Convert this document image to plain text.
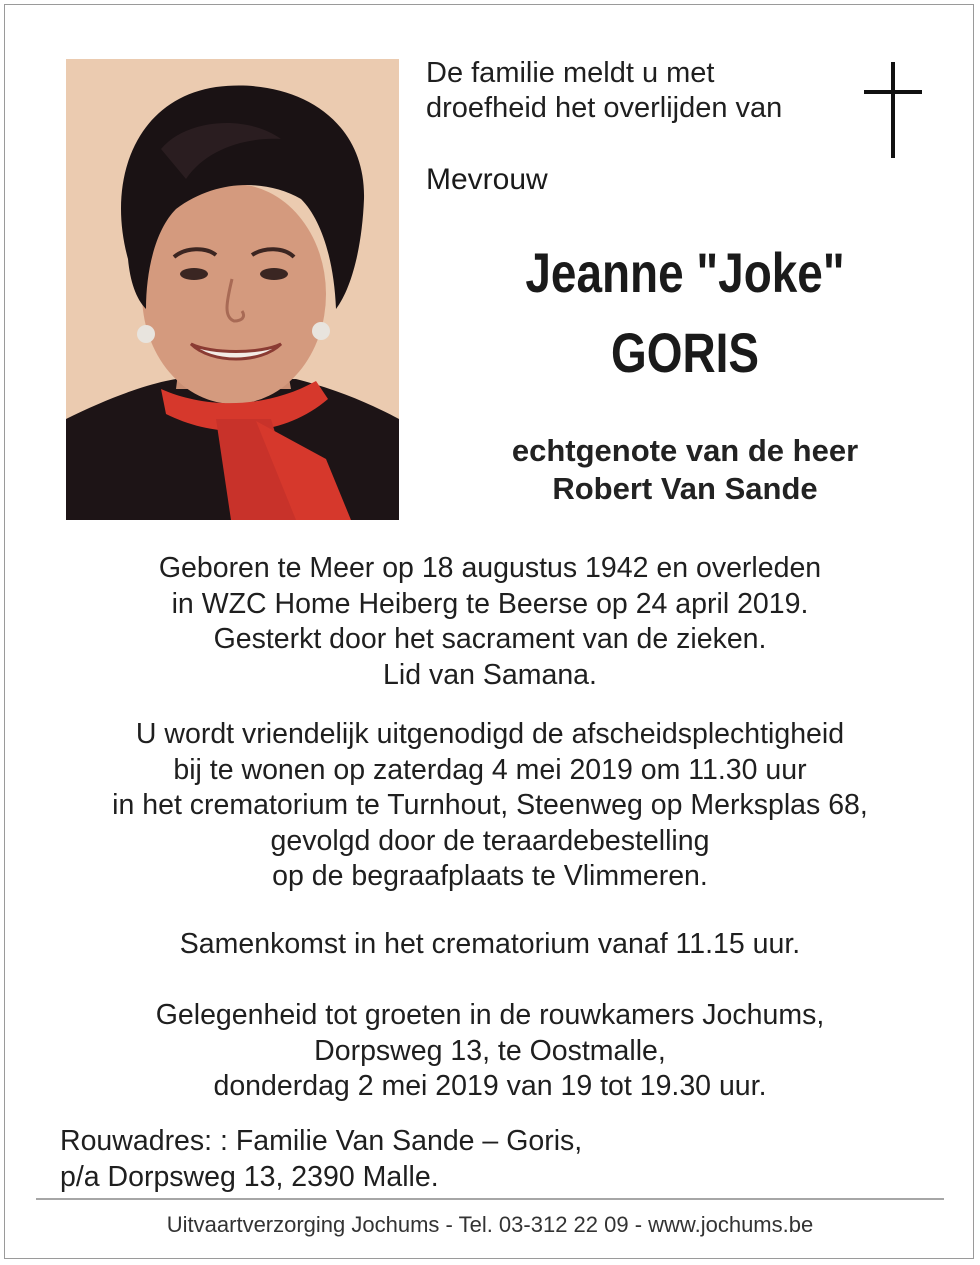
De familie meldt u met
droefheid het overlijden van
Mevrouw
Jeanne "Joke"
GORIS
echtgenote van de heer
Robert Van Sande
Geboren te Meer op 18 augustus 1942 en overleden
in WZC Home Heiberg te Beerse op 24 april 2019.
Gesterkt door het sacrament van de zieken.
Lid van Samana.
U wordt vriendelijk uitgenodigd de afscheidsplechtigheid
bij te wonen op zaterdag 4 mei 2019 om 11.30 uur
in het crematorium te Turnhout, Steenweg op Merksplas 68,
gevolgd door de teraardebestelling
op de begraafplaats te Vlimmeren.
Samenkomst in het crematorium vanaf 11.15 uur.
Gelegenheid tot groeten in de rouwkamers Jochums,
Dorpsweg 13, te Oostmalle,
donderdag 2 mei 2019 van 19 tot 19.30 uur.
Rouwadres: : Familie Van Sande – Goris,
p/a Dorpsweg 13, 2390 Malle.
Uitvaartverzorging Jochums - Tel. 03-312 22 09 - www.jochums.be
